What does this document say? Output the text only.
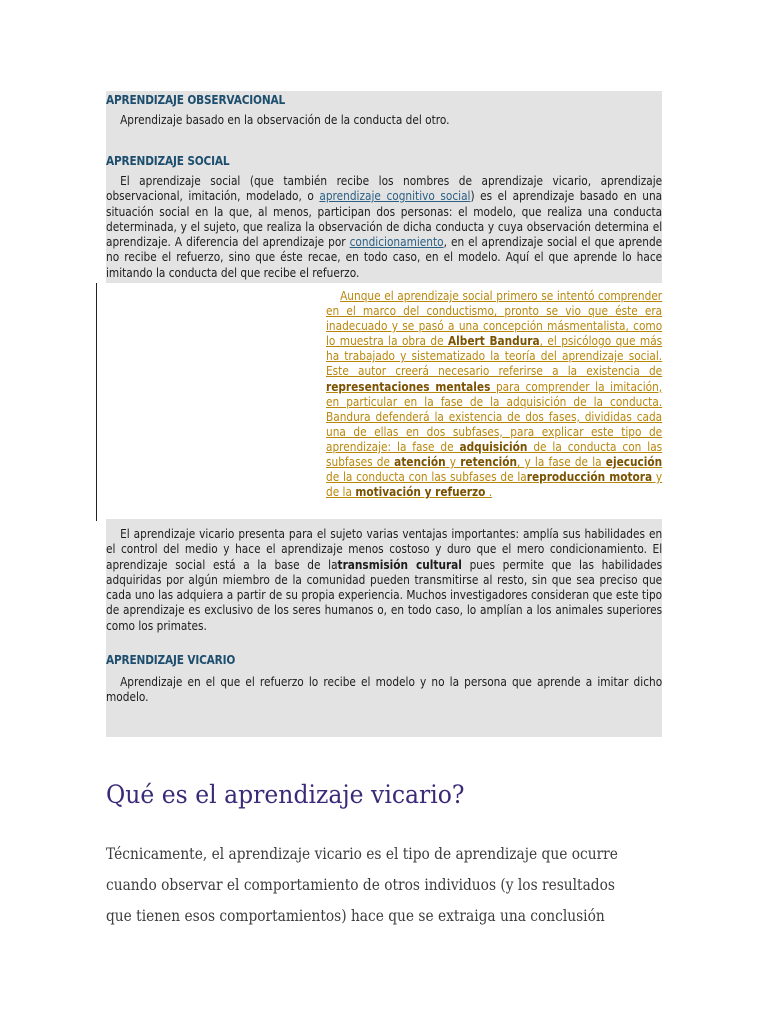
APRENDIZAJE OBSERVACIONAL

Aprendizaje basado en la observación de la conducta del otro.

APRENDIZAJE SOCIAL

El aprendizaje social (que también recibe los nombres de aprendizaje vicario, aprendizaje observacional, imitación, modelado, o aprendizaje cognitivo social) es el aprendizaje basado en una situación social en la que, al menos, participan dos personas: el modelo, que realiza una conducta determinada, y el sujeto, que realiza la observación de dicha conducta y cuya observación determina el aprendizaje. A diferencia del aprendizaje por condicionamiento, en el aprendizaje social el que aprende no recibe el refuerzo, sino que éste recae, en todo caso, en el modelo. Aquí el que aprende lo hace imitando la conducta del que recibe el refuerzo.

Aunque el aprendizaje social primero se intentó comprender en el marco del conductismo, pronto se vio que éste era inadecuado y se pasó a una concepción másmentalista, como lo muestra la obra de Albert Bandura, el psicólogo que más ha trabajado y sistematizado la teoría del aprendizaje social. Este autor creerá necesario referirse a la existencia de representaciones mentales para comprender la imitación, en particular en la fase de la adquisición de la conducta. Bandura defenderá la existencia de dos fases, divididas cada una de ellas en dos subfases, para explicar este tipo de aprendizaje: la fase de adquisición de la conducta con las subfases de atención y retención, y la fase de la ejecución de la conducta con las subfases de lareproducción motora y de la motivación y refuerzo .

El aprendizaje vicario presenta para el sujeto varias ventajas importantes: amplía sus habilidades en el control del medio y hace el aprendizaje menos costoso y duro que el mero condicionamiento. El aprendizaje social está a la base de latransmisión cultural pues permite que las habilidades adquiridas por algún miembro de la comunidad pueden transmitirse al resto, sin que sea preciso que cada uno las adquiera a partir de su propia experiencia. Muchos investigadores consideran que este tipo de aprendizaje es exclusivo de los seres humanos o, en todo caso, lo amplían a los animales superiores como los primates.

APRENDIZAJE VICARIO

Aprendizaje en el que el refuerzo lo recibe el modelo y no la persona que aprende a imitar dicho modelo.

Qué es el aprendizaje vicario?

Técnicamente, el aprendizaje vicario es el tipo de aprendizaje que ocurre
cuando observar el comportamiento de otros individuos (y los resultados
que tienen esos comportamientos) hace que se extraiga una conclusión
